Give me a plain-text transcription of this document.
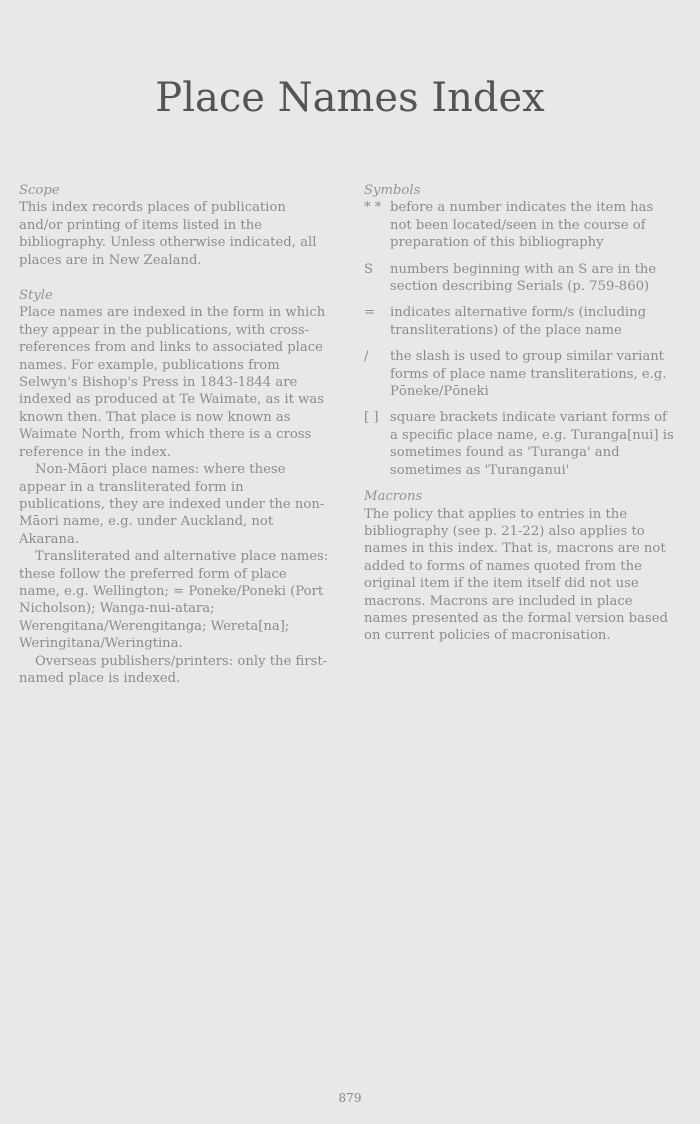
Place Names Index

Scope

This index records places of publication and/or printing of items listed in the bibliography. Unless otherwise indicated, all places are in New Zealand.

Style

Place names are indexed in the form in which they appear in the publications, with cross-references from and links to associated place names. For example, publications from Selwyn's Bishop's Press in 1843-1844 are indexed as produced at Te Waimate, as it was known then. That place is now known as Waimate North, from which there is a cross reference in the index.

Non-Māori place names: where these appear in a transliterated form in publications, they are indexed under the non-Māori name, e.g. under Auckland, not Akarana.

Transliterated and alternative place names: these follow the preferred form of place name, e.g. Wellington; = Poneke/Poneki (Port Nicholson); Wanga-nui-atara; Werengitana/Werengitanga; Wereta[na]; Weringitana/Weringtina.

Overseas publishers/printers: only the first-named place is indexed.

Symbols

* * before a number indicates the item has not been located/seen in the course of preparation of this bibliography
S	numbers beginning with an S are in the section describing Serials (p. 759-860)
=	indicates alternative form/s (including transliterations) of the place name
/	the slash is used to group similar variant forms of place name transliterations, e.g. Pōneke/Pōneki
[ ] square brackets indicate variant forms of a specific place name, e.g. Turanga[nui] is sometimes found as 'Turanga' and sometimes as 'Turanganui'

Macrons

The policy that applies to entries in the bibliography (see p. 21-22) also applies to names in this index. That is, macrons are not added to forms of names quoted from the original item if the item itself did not use macrons. Macrons are included in place names presented as the formal version based on current policies of macronisation.

879
